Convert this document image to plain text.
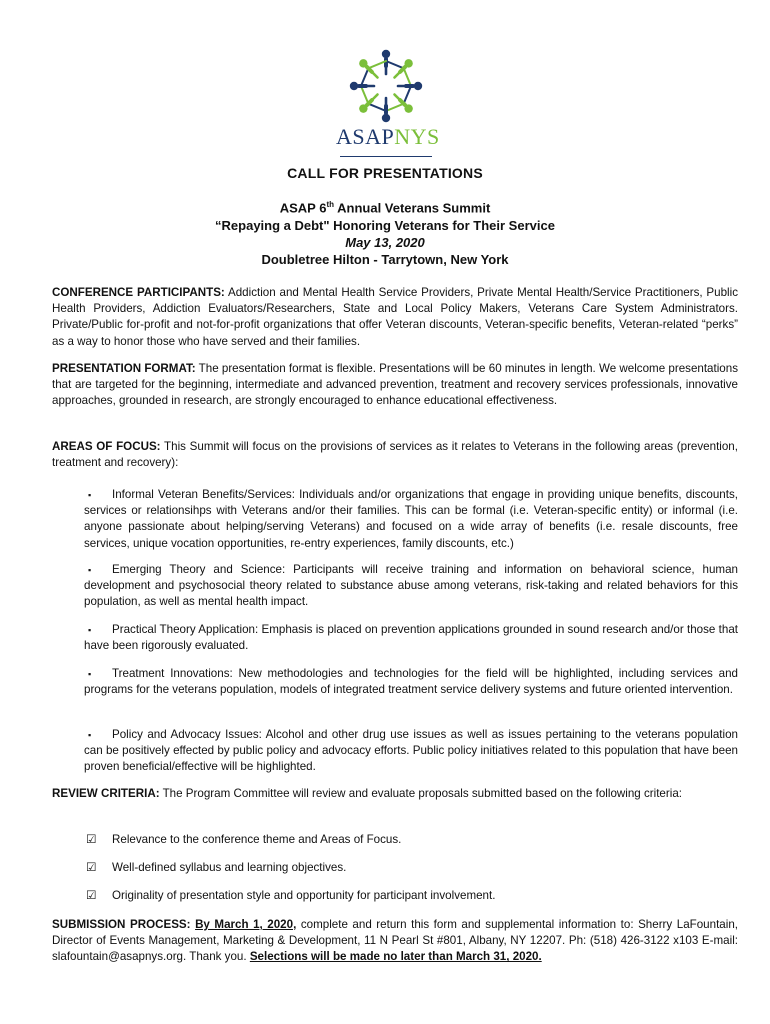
ASAPNYS
CALL FOR PRESENTATIONS
ASAP 6th Annual Veterans Summit
“Repaying a Debt" Honoring Veterans for Their Service
May 13, 2020
Doubletree Hilton - Tarrytown, New York
CONFERENCE PARTICIPANTS: Addiction and Mental Health Service Providers, Private Mental Health/Service Practitioners, Public Health Providers, Addiction Evaluators/Researchers, State and Local Policy Makers, Veterans Care System Administrators. Private/Public for-profit and not-for-profit organizations that offer Veteran discounts, Veteran-specific benefits, Veteran-related “perks” as a way to honor those who have served and their families.
PRESENTATION FORMAT: The presentation format is flexible. Presentations will be 60 minutes in length. We welcome presentations that are targeted for the beginning, intermediate and advanced prevention, treatment and recovery services professionals, innovative approaches, grounded in research, are strongly encouraged to enhance educational effectiveness.
AREAS OF FOCUS: This Summit will focus on the provisions of services as it relates to Veterans in the following areas (prevention, treatment and recovery):
▪	Informal Veteran Benefits/Services: Individuals and/or organizations that engage in providing unique benefits, discounts, services or relationsihps with Veterans and/or their families. This can be formal (i.e. Veteran-specific entity) or informal (i.e. anyone passionate about helping/serving Veterans) and focused on a wide array of benefits (i.e. resale discounts, free services, unique vocation opportunities, re-entry experiences, family discounts, etc.)
▪	Emerging Theory and Science: Participants will receive training and information on behavioral science, human development and psychosocial theory related to substance abuse among veterans, risk-taking and related behaviors for this population, as well as mental health impact.
▪	Practical Theory Application: Emphasis is placed on prevention applications grounded in sound research and/or those that have been rigorously evaluated.
▪	Treatment Innovations: New methodologies and technologies for the field will be highlighted, including services and programs for the veterans population, models of integrated treatment service delivery systems and future oriented intervention.
▪	Policy and Advocacy Issues: Alcohol and other drug use issues as well as issues pertaining to the veterans population can be positively effected by public policy and advocacy efforts. Public policy initiatives related to this population that have been proven beneficial/effective will be highlighted.
REVIEW CRITERIA: The Program Committee will review and evaluate proposals submitted based on the following criteria:
☑ Relevance to the conference theme and Areas of Focus.
☑ Well-defined syllabus and learning objectives.
☑ Originality of presentation style and opportunity for participant involvement.
SUBMISSION PROCESS: By March 1, 2020, complete and return this form and supplemental information to: Sherry LaFountain, Director of Events Management, Marketing & Development, 11 N Pearl St #801, Albany, NY 12207. Ph: (518) 426-3122 x103 E-mail: slafountain@asapnys.org. Thank you. Selections will be made no later than March 31, 2020.
